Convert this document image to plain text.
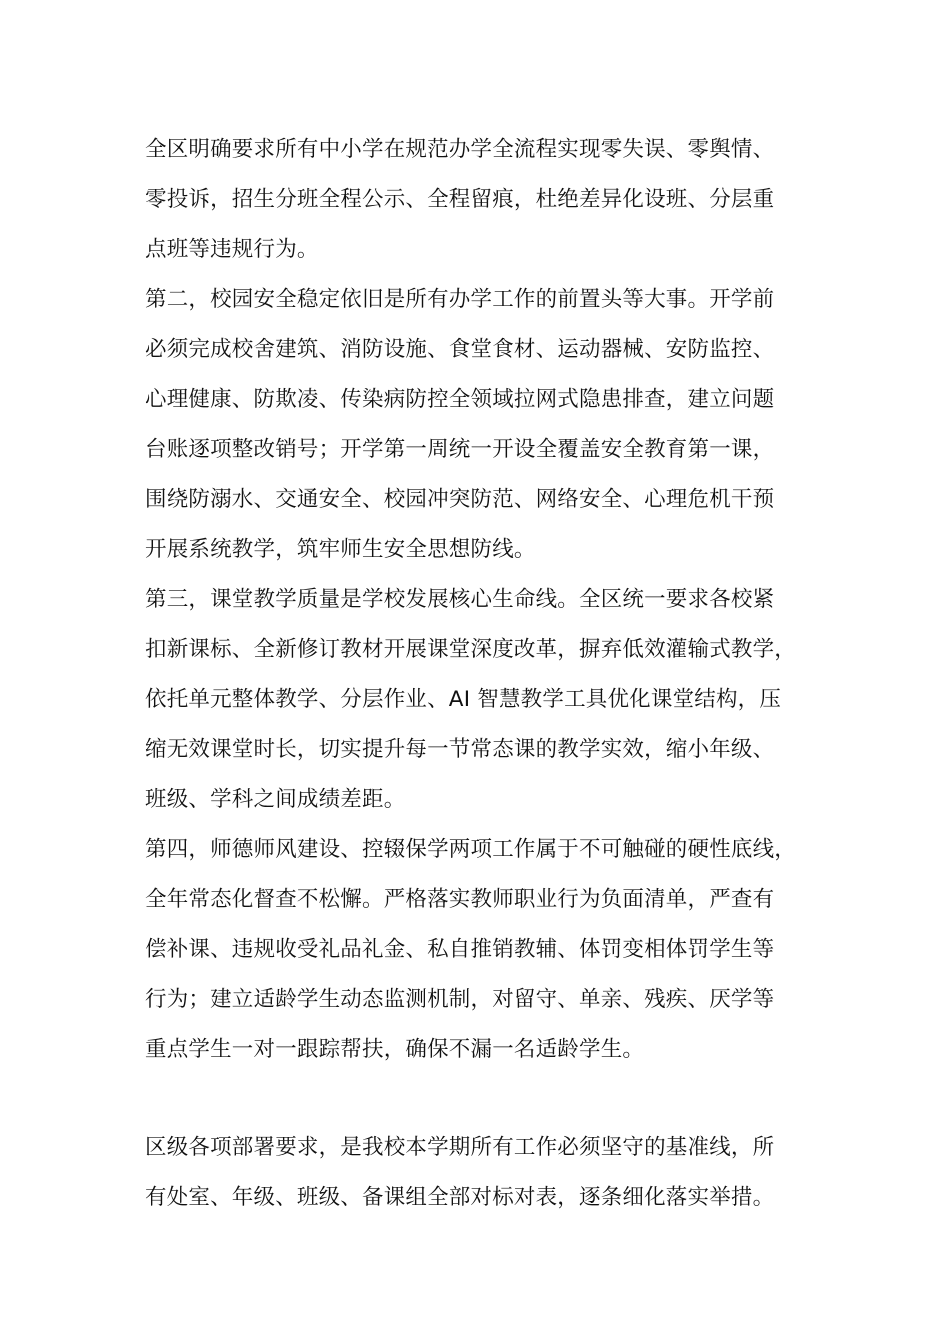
全区明确要求所有中小学在规范办学全流程实现零失误、零舆情、

零投诉，招生分班全程公示、全程留痕，杜绝差异化设班、分层重

点班等违规行为。

第二，校园安全稳定依旧是所有办学工作的前置头等大事。开学前

必须完成校舍建筑、消防设施、食堂食材、运动器械、安防监控、

心理健康、防欺凌、传染病防控全领域拉网式隐患排查，建立问题

台账逐项整改销号；开学第一周统一开设全覆盖安全教育第一课，

围绕防溺水、交通安全、校园冲突防范、网络安全、心理危机干预

开展系统教学，筑牢师生安全思想防线。

第三，课堂教学质量是学校发展核心生命线。全区统一要求各校紧

扣新课标、全新修订教材开展课堂深度改革，摒弃低效灌输式教学，

依托单元整体教学、分层作业、AI 智慧教学工具优化课堂结构，压

缩无效课堂时长，切实提升每一节常态课的教学实效，缩小年级、

班级、学科之间成绩差距。

第四，师德师风建设、控辍保学两项工作属于不可触碰的硬性底线，

全年常态化督查不松懈。严格落实教师职业行为负面清单，严查有

偿补课、违规收受礼品礼金、私自推销教辅、体罚变相体罚学生等

行为；建立适龄学生动态监测机制，对留守、单亲、残疾、厌学等

重点学生一对一跟踪帮扶，确保不漏一名适龄学生。

区级各项部署要求，是我校本学期所有工作必须坚守的基准线，所

有处室、年级、班级、备课组全部对标对表，逐条细化落实举措。
